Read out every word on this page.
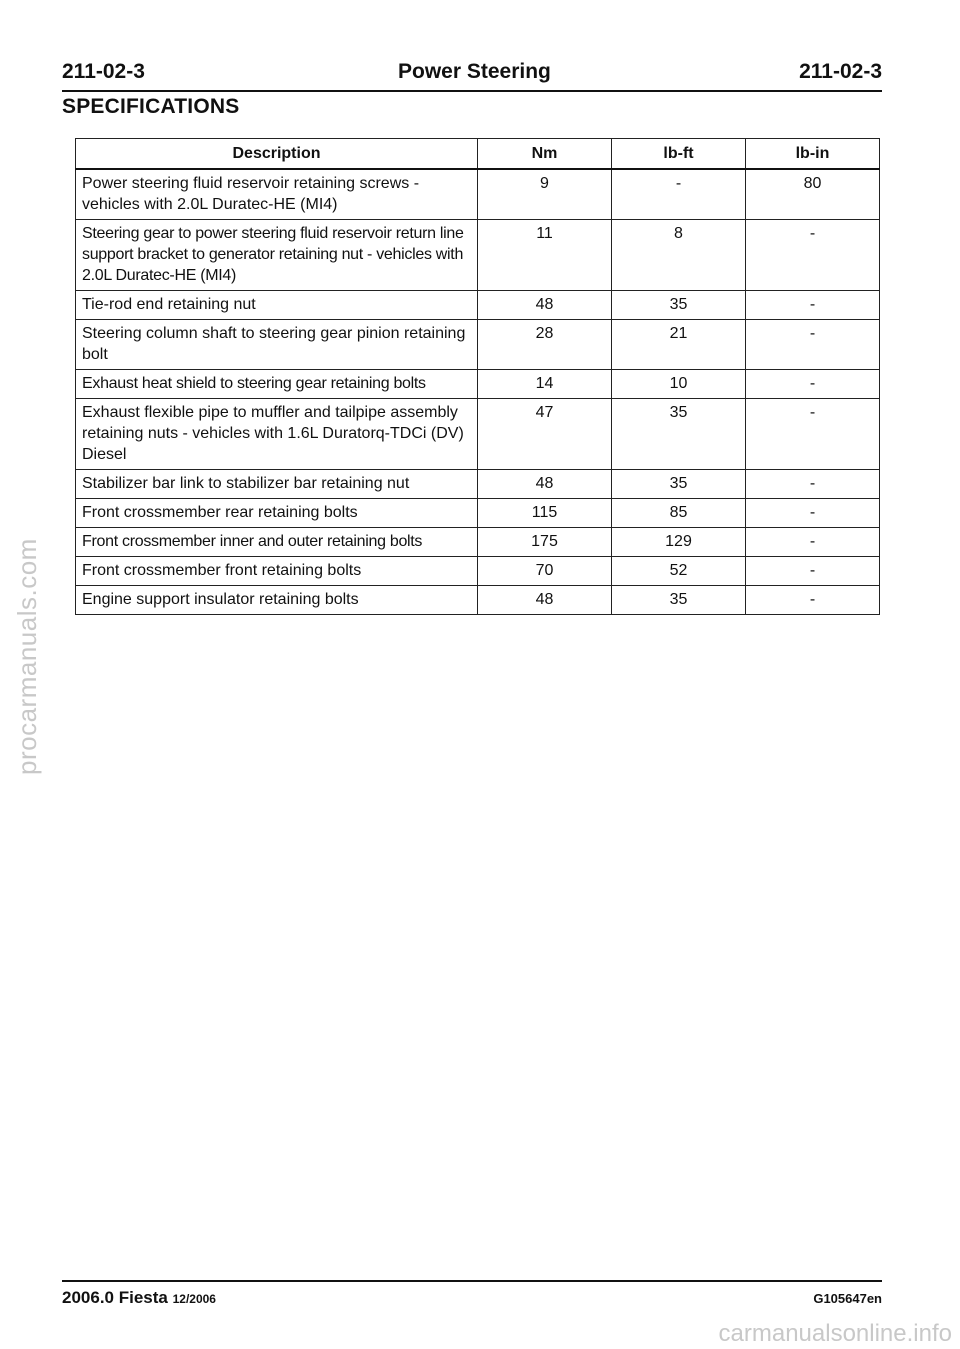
211-02-3	Power Steering	211-02-3
SPECIFICATIONS
Description	Nm	lb-ft	lb-in
Power steering fluid reservoir retaining screws - vehicles with 2.0L Duratec-HE (MI4)	9	-	80
Steering gear to power steering fluid reservoir return line support bracket to generator retaining nut - vehicles with 2.0L Duratec-HE (MI4)	11	8	-
Tie-rod end retaining nut	48	35	-
Steering column shaft to steering gear pinion retaining bolt	28	21	-
Exhaust heat shield to steering gear retaining bolts	14	10	-
Exhaust flexible pipe to muffler and tailpipe assembly retaining nuts - vehicles with 1.6L Duratorq-TDCi (DV) Diesel	47	35	-
Stabilizer bar link to stabilizer bar retaining nut	48	35	-
Front crossmember rear retaining bolts	115	85	-
Front crossmember inner and outer retaining bolts	175	129	-
Front crossmember front retaining bolts	70	52	-
Engine support insulator retaining bolts	48	35	-
procarmanuals.com
2006.0 Fiesta 12/2006	G105647en
carmanualsonline.info
